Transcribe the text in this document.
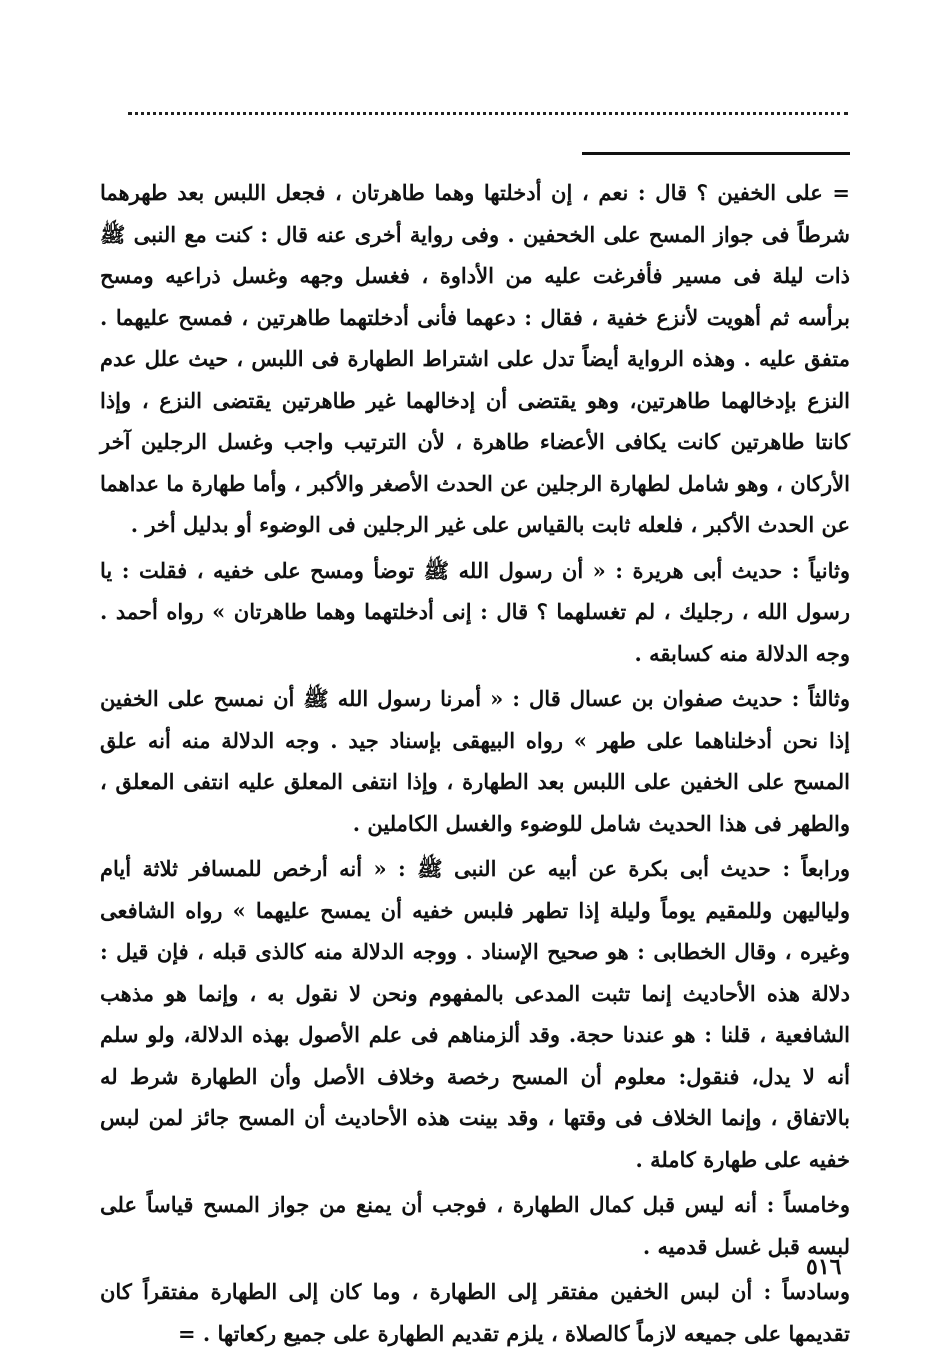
= على الخفين ؟ قال : نعم ، إن أدخلتها وهما طاهرتان ، فجعل اللبس بعد طهرهما شرطاً فى جواز المسح على الخحفين . وفى رواية أخرى عنه قال : كنت مع النبى ﷺ ذات ليلة فى مسير فأفرغت عليه من الأداوة ، فغسل وجهه وغسل ذراعيه ومسح برأسه ثم أهويت لأنزع خفية ، فقال : دعهما فأنى أدخلتهما طاهرتين ، فمسح عليهما . متفق عليه . وهذه الرواية أيضاً تدل على اشتراط الطهارة فى اللبس ، حيث علل عدم النزع بإدخالهما طاهرتين، وهو يقتضى أن إدخالهما غير طاهرتين يقتضى النزع ، وإذا كانتا طاهرتين كانت يكافى الأعضاء طاهرة ، لأن الترتيب واجب وغسل الرجلين آخر الأركان ، وهو شامل لطهارة الرجلين عن الحدث الأصغر والأكبر ، وأما طهارة ما عداهما عن الحدث الأكبر ، فلعله ثابت بالقياس على غير الرجلين فى الوضوء أو بدليل أخر .

وثانياً : حديث أبى هريرة : « أن رسول الله ﷺ توضأ ومسح على خفيه ، فقلت : يا رسول الله ، رجليك ، لم تغسلهما ؟ قال : إنى أدخلتهما وهما طاهرتان » رواه أحمد . وجه الدلالة منه كسابقه .

وثالثاً : حديث صفوان بن عسال قال : « أمرنا رسول الله ﷺ أن نمسح على الخفين إذا نحن أدخلناهما على طهر » رواه البيهقى بإسناد جيد . وجه الدلالة منه أنه علق المسح على الخفين على اللبس بعد الطهارة ، وإذا انتفى المعلق عليه انتفى المعلق ، والطهر فى هذا الحديث شامل للوضوء والغسل الكاملين .

ورابعاً : حديث أبى بكرة عن أبيه عن النبى ﷺ : « أنه أرخص للمسافر ثلاثة أيام ولياليهن وللمقيم يوماً وليلة إذا تطهر فلبس خفيه أن يمسح عليهما » رواه الشافعى وغيره ، وقال الخطابى : هو صحيح الإسناد . ووجه الدلالة منه كالذى قبله ، فإن قيل : دلالة هذه الأحاديث إنما تثبت المدعى بالمفهوم ونحن لا نقول به ، وإنما هو مذهب الشافعية ، قلنا : هو عندنا حجة. وقد ألزمناهم فى علم الأصول بهذه الدلالة، ولو سلم أنه لا يدل، فنقول: معلوم أن المسح رخصة وخلاف الأصل وأن الطهارة شرط له بالاتفاق ، وإنما الخلاف فى وقتها ، وقد بينت هذه الأحاديث أن المسح جائز لمن لبس خفيه على طهارة كاملة .

وخامساً : أنه ليس قبل كمال الطهارة ، فوجب أن يمنع من جواز المسح قياساً على لبسه قبل غسل قدميه .

وسادساً : أن لبس الخفين مفتقر إلى الطهارة ، وما كان إلى الطهارة مفتقراً كان تقديمها على جميعه لازماً كالصلاة ، يلزم تقديم الطهارة على جميع ركعاتها . =

٥١٦
